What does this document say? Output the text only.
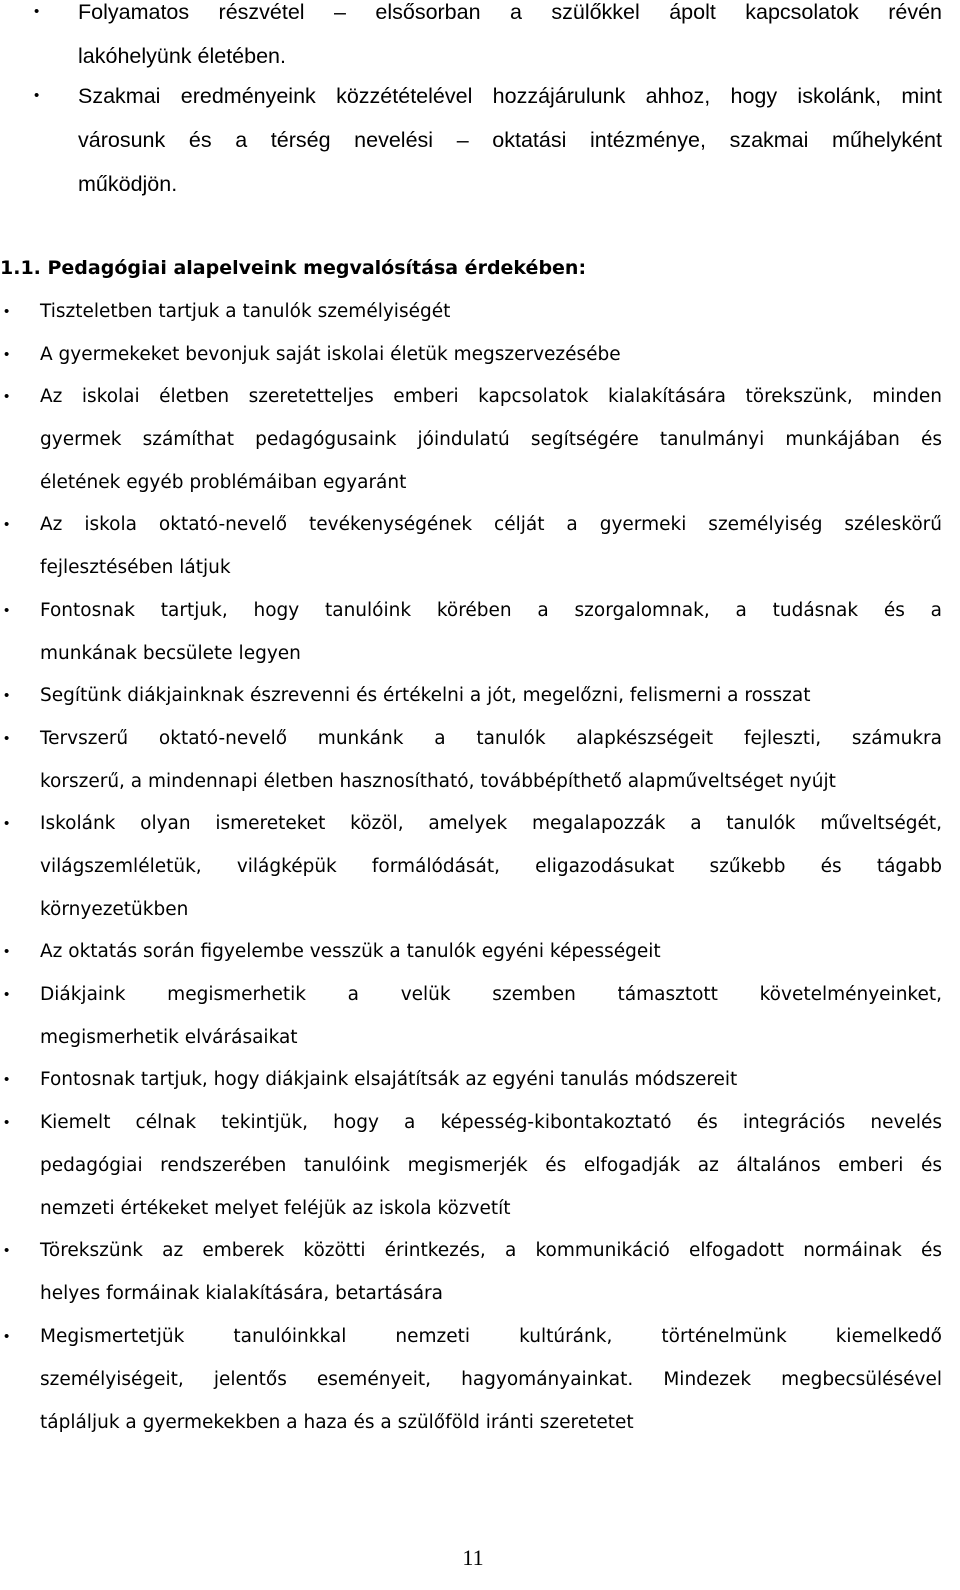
• Folyamatos részvétel – elsősorban a szülőkkel ápolt kapcsolatok révén
lakóhelyünk életében.
• Szakmai eredményeink közzétételével hozzájárulunk ahhoz, hogy iskolánk, mint
városunk és a térség nevelési – oktatási intézménye, szakmai műhelyként
működjön.
1.1. Pedagógiai alapelveink megvalósítása érdekében:
• Tiszteletben tartjuk a tanulók személyiségét
• A gyermekeket bevonjuk saját iskolai életük megszervezésébe
• Az iskolai életben szeretetteljes emberi kapcsolatok kialakítására törekszünk, minden
gyermek számíthat pedagógusaink jóindulatú segítségére tanulmányi munkájában és
életének egyéb problémáiban egyaránt
• Az iskola oktató-nevelő tevékenységének célját a gyermeki személyiség széleskörű
fejlesztésében látjuk
• Fontosnak tartjuk, hogy tanulóink körében a szorgalomnak, a tudásnak és a
munkának becsülete legyen
• Segítünk diákjainknak észrevenni és értékelni a jót, megelőzni, felismerni a rosszat
• Tervszerű oktató-nevelő munkánk a tanulók alapkészségeit fejleszti, számukra
korszerű, a mindennapi életben hasznosítható, továbbépíthető alapműveltséget nyújt
• Iskolánk olyan ismereteket közöl, amelyek megalapozzák a tanulók műveltségét,
világszemléletük, világképük formálódását, eligazodásukat szűkebb és tágabb
környezetükben
• Az oktatás során figyelembe vesszük a tanulók egyéni képességeit
• Diákjaink megismerhetik a velük szemben támasztott követelményeinket,
megismerhetik elvárásaikat
• Fontosnak tartjuk, hogy diákjaink elsajátítsák az egyéni tanulás módszereit
• Kiemelt célnak tekintjük, hogy a képesség-kibontakoztató és integrációs nevelés
pedagógiai rendszerében tanulóink megismerjék és elfogadják az általános emberi és
nemzeti értékeket melyet feléjük az iskola közvetít
• Törekszünk az emberek közötti érintkezés, a kommunikáció elfogadott normáinak és
helyes formáinak kialakítására, betartására
• Megismertetjük tanulóinkkal nemzeti kultúránk, történelmünk kiemelkedő
személyiségeit, jelentős eseményeit, hagyományainkat. Mindezek megbecsülésével
tápláljuk a gyermekekben a haza és a szülőföld iránti szeretetet
11
